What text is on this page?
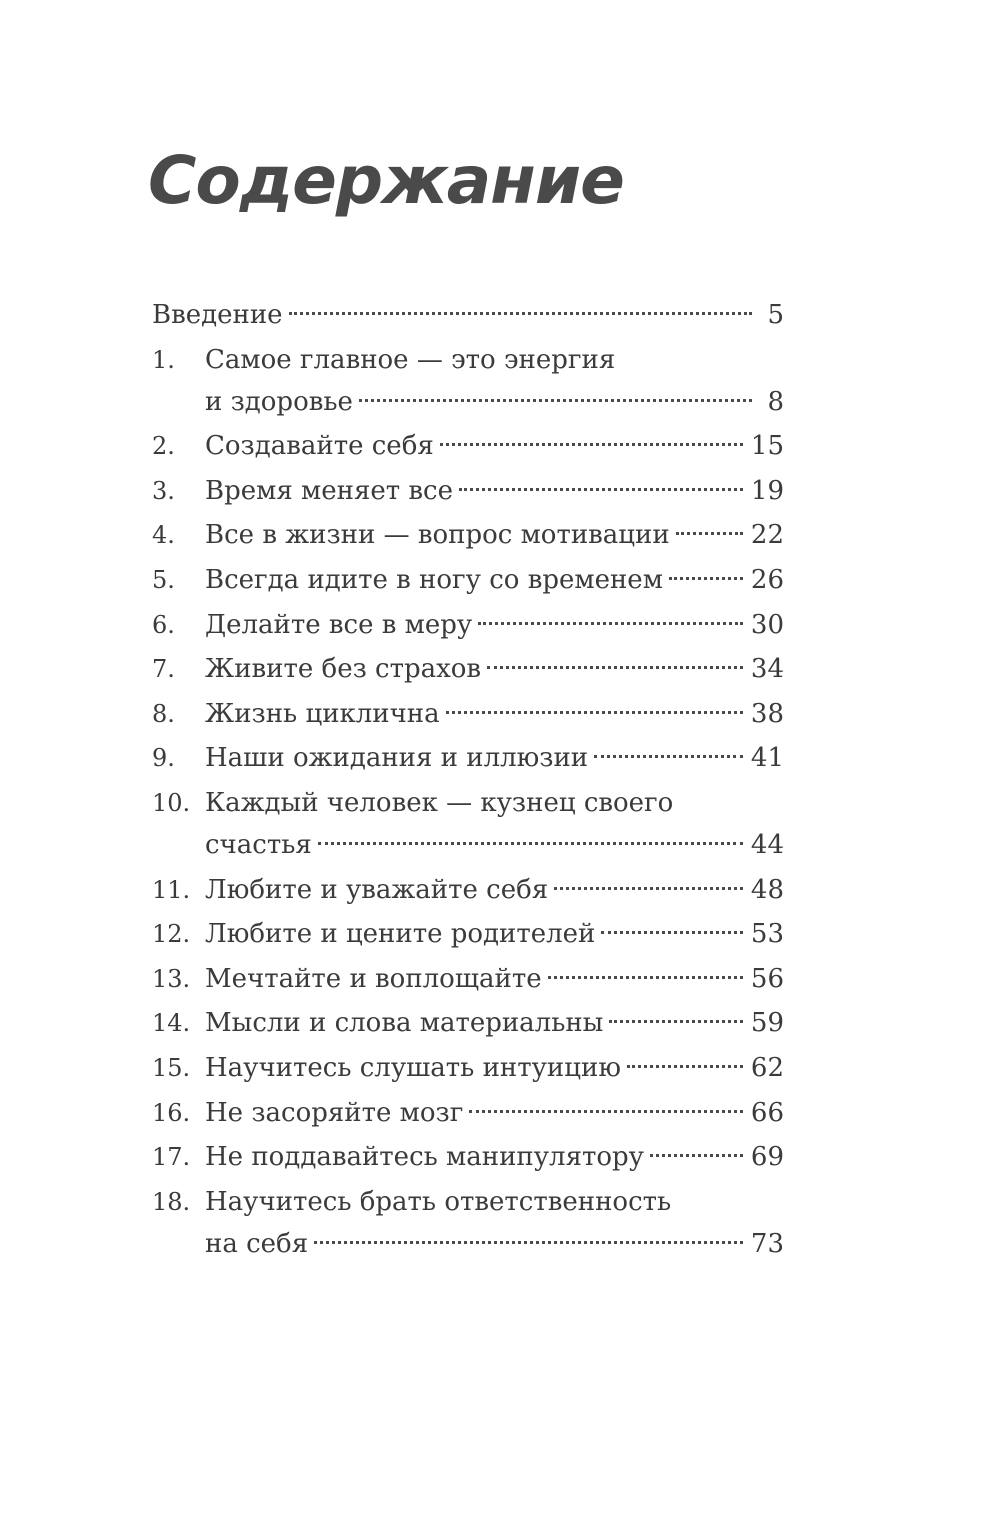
Содержание
Введение	5
1. Самое главное — это энергия
и здоровье	8
2. Создавайте себя	15
3. Время меняет все	19
4. Все в жизни — вопрос мотивации	22
5. Всегда идите в ногу со временем	26
6. Делайте все в меру	30
7. Живите без страхов	34
8. Жизнь циклична	38
9. Наши ожидания и иллюзии	41
10. Каждый человек — кузнец своего
счастья	44
11. Любите и уважайте себя	48
12. Любите и цените родителей	53
13. Мечтайте и воплощайте	56
14. Мысли и слова материальны	59
15. Научитесь слушать интуицию	62
16. Не засоряйте мозг	66
17. Не поддавайтесь манипулятору	69
18. Научитесь брать ответственность
на себя	73
